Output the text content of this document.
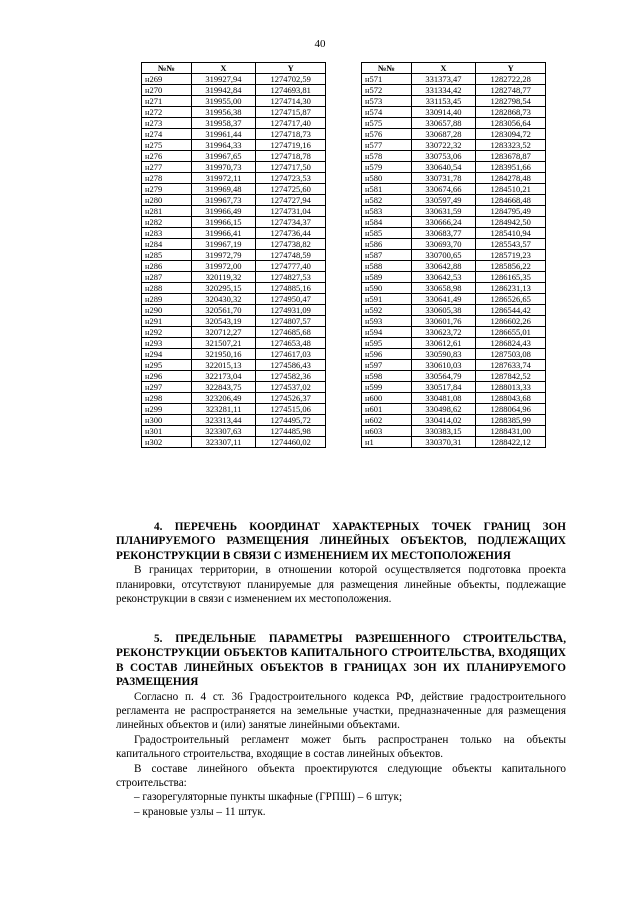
40
№№	X	Y
н269	319927,94	1274702,59
н270	319942,84	1274693,81
н271	319955,00	1274714,30
н272	319956,38	1274715,87
н273	319958,37	1274717,40
н274	319961,44	1274718,73
н275	319964,33	1274719,16
н276	319967,65	1274718,78
н277	319970,73	1274717,50
н278	319972,11	1274723,53
н279	319969,48	1274725,60
н280	319967,73	1274727,94
н281	319966,49	1274731,04
н282	319966,15	1274734,37
н283	319966,41	1274736,44
н284	319967,19	1274738,82
н285	319972,79	1274748,59
н286	319972,00	1274777,40
н287	320119,32	1274827,53
н288	320295,15	1274885,16
н289	320430,32	1274950,47
н290	320561,70	1274931,09
н291	320543,19	1274807,57
н292	320712,27	1274685,68
н293	321507,21	1274653,48
н294	321950,16	1274617,03
н295	322015,13	1274586,43
н296	322173,04	1274582,36
н297	322843,75	1274537,02
н298	323206,49	1274526,37
н299	323281,11	1274515,06
н300	323313,44	1274495,72
н301	323307,63	1274485,98
н302	323307,11	1274460,02
№№	X	Y
н571	331373,47	1282722,28
н572	331334,42	1282748,77
н573	331153,45	1282798,54
н574	330914,40	1282868,73
н575	330657,88	1283056,64
н576	330687,28	1283094,72
н577	330722,32	1283323,52
н578	330753,06	1283678,87
н579	330640,54	1283951,66
н580	330731,78	1284278,48
н581	330674,66	1284510,21
н582	330597,49	1284668,48
н583	330631,59	1284795,49
н584	330666,24	1284942,50
н585	330683,77	1285410,94
н586	330693,70	1285543,57
н587	330700,65	1285719,23
н588	330642,88	1285856,22
н589	330642,53	1286165,35
н590	330658,98	1286231,13
н591	330641,49	1286526,65
н592	330605,38	1286544,42
н593	330601,76	1286602,26
н594	330623,72	1286655,01
н595	330612,61	1286824,43
н596	330590,83	1287503,08
н597	330610,03	1287633,74
н598	330564,79	1287842,52
н599	330517,84	1288013,33
н600	330481,08	1288043,68
н601	330498,62	1288064,96
н602	330414,02	1288385,99
н603	330383,15	1288431,00
н1	330370,31	1288422,12

4. ПЕРЕЧЕНЬ КООРДИНАТ ХАРАКТЕРНЫХ ТОЧЕК ГРАНИЦ ЗОН ПЛАНИРУЕМОГО РАЗМЕЩЕНИЯ ЛИНЕЙНЫХ ОБЪЕКТОВ, ПОДЛЕЖАЩИХ РЕКОНСТРУКЦИИ В СВЯЗИ С ИЗМЕНЕНИЕМ ИХ МЕСТОПОЛОЖЕНИЯ

В границах территории, в отношении которой осуществляется подготовка проекта планировки, отсутствуют планируемые для размещения линейные объекты, подлежащие реконструкции в связи с изменением их местоположения.

5. ПРЕДЕЛЬНЫЕ ПАРАМЕТРЫ РАЗРЕШЕННОГО СТРОИТЕЛЬСТВА, РЕКОНСТРУКЦИИ ОБЪЕКТОВ КАПИТАЛЬНОГО СТРОИТЕЛЬСТВА, ВХОДЯЩИХ В СОСТАВ ЛИНЕЙНЫХ ОБЪЕКТОВ В ГРАНИЦАХ ЗОН ИХ ПЛАНИРУЕМОГО РАЗМЕЩЕНИЯ

Согласно п. 4 ст. 36 Градостроительного кодекса РФ, действие градостроительного регламента не распространяется на земельные участки, предназначенные для размещения линейных объектов и (или) занятые линейными объектами.

Градостроительный регламент может быть распространен только на объекты капитального строительства, входящие в состав линейных объектов.

В составе линейного объекта проектируются следующие объекты капитального строительства:

– газорегуляторные пункты шкафные (ГРПШ) – 6 штук;

– крановые узлы – 11 штук.
